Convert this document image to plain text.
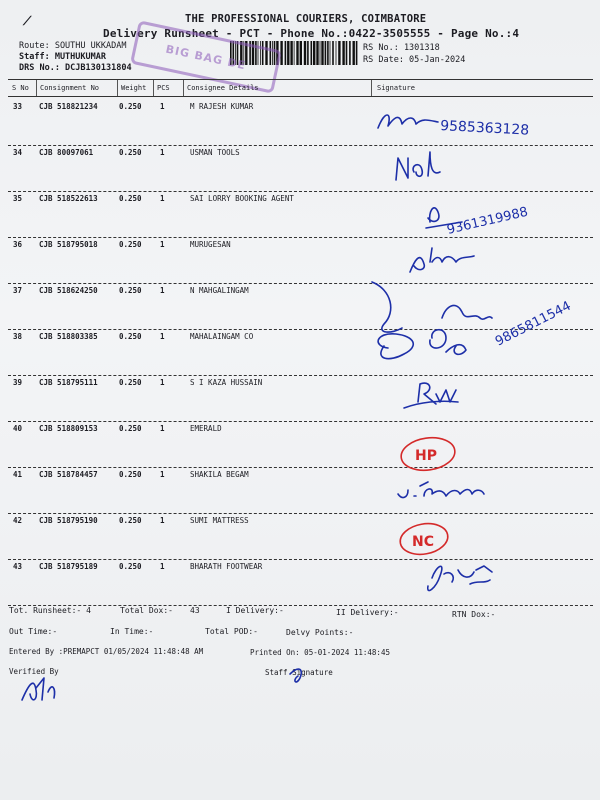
THE PROFESSIONAL COURIERS, COIMBATORE
Delivery Runsheet - PCT - Phone No.:0422-3505555 - Page No.:4
Route: SOUTHU UKKADAM
Staff: MUTHUKUMAR
DRS No.: DCJB130131804
RS No.: 1301318
RS Date: 05-Jan-2024
⟋
BIG BAG DE
S No Consignment No	Weight PCS Consignee Details	Signature
33 CJB 518821234	0.250 1	M RAJESH KUMAR
34 CJB 80097061	0.250 1	USMAN TOOLS
35 CJB 518522613	0.250 1	SAI LORRY BOOKING AGENT
36 CJB 518795018	0.250 1	MURUGESAN
37 CJB 518624250	0.250 1	N MAHGALINGAM
38 CJB 518803385	0.250 1	MAHALAINGAM CO
39 CJB 518795111	0.250 1	S I KAZA HUSSAIN
40 CJB 518809153	0.250 1	EMERALD
41 CJB 518784457	0.250 1	SHAKILA BEGAM
42 CJB 518795190	0.250 1	SUMI MATTRESS
43 CJB 518795189	0.250 1	BHARATH FOOTWEAR
Tot. Runsheet:- 4	Total Dox:- 43	I Delivery:-	II Delivery:-	RTN Dox:-
Out Time:-	In Time:-	Total POD:-	Delvy Points:-
Entered By :PREMAPCT 01/05/2024 11:48:48 AM	Printed On: 05-01-2024 11:48:45
Verified By	Staff Signature
9585363128
9361319988
9865811544
HP
NC
